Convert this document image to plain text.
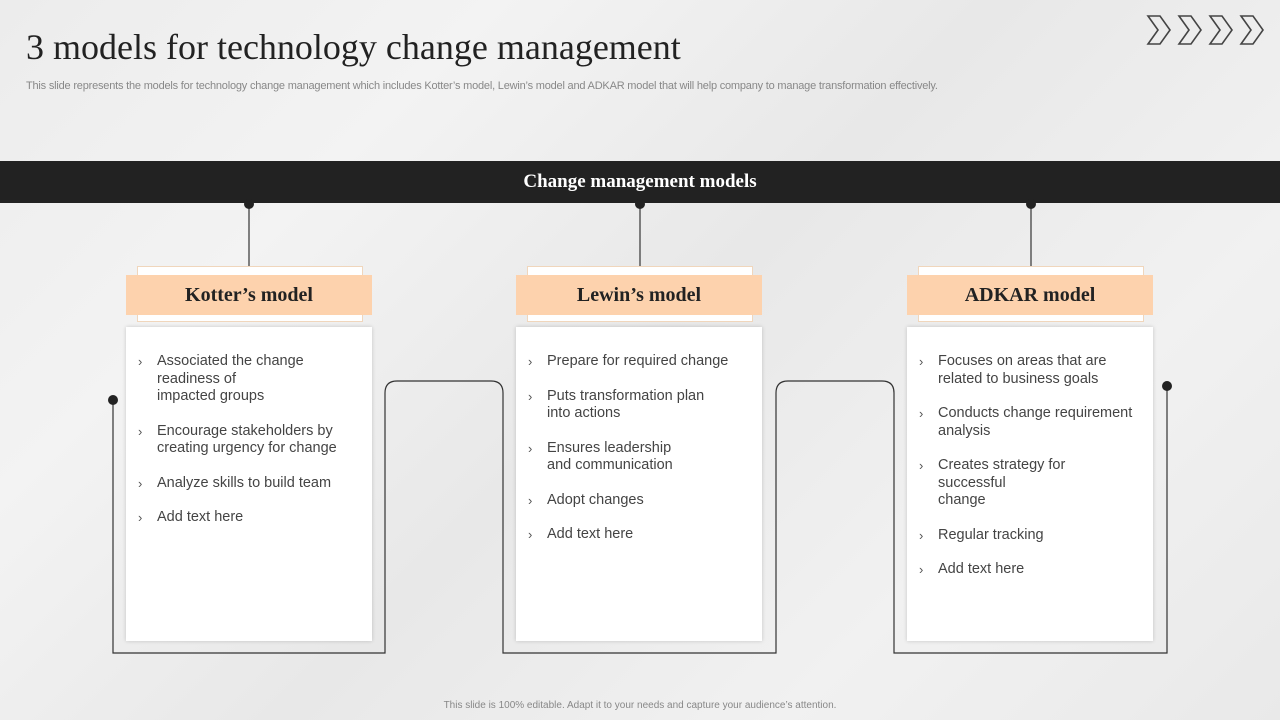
3 models for technology change management
This slide represents the models for technology change management which includes Kotter’s model, Lewin’s model and ADKAR model that will help company to manage transformation effectively.
Change management models
›	Associated the change
readiness of
impacted groups
›	Encourage stakeholders by
creating urgency for change
›	Analyze skills to build team
›	Add text here
Kotter’s model
›	Prepare for required change
›	Puts transformation plan
into actions
›	Ensures leadership
and communication
›	Adopt changes
›	Add text here
Lewin’s model
›	Focuses on areas that are
related to business goals
›	Conducts change requirement
analysis
›	Creates strategy for successful
change
›	Regular tracking
›	Add text here
ADKAR model
This slide is 100% editable. Adapt it to your needs and capture your audience’s attention.
